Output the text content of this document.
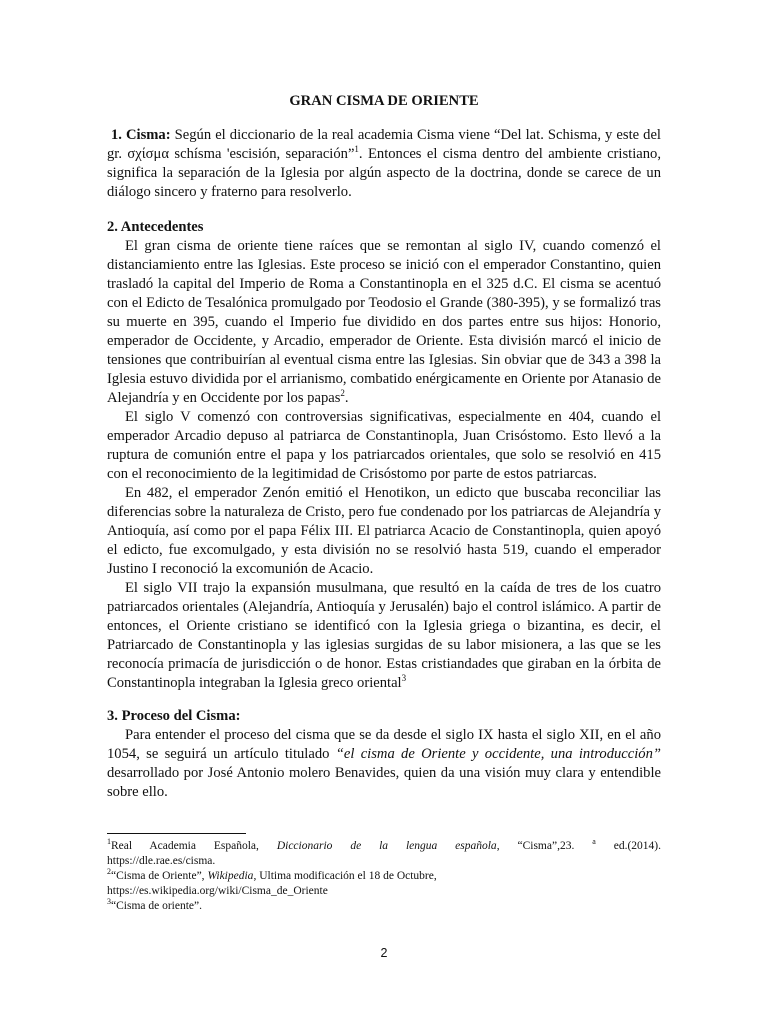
GRAN CISMA DE ORIENTE

1. Cisma: Según el diccionario de la real academia Cisma viene “Del lat. Schisma, y este del gr. σχίσμα schísma 'escisión, separación”$^1$. Entonces el cisma dentro del ambiente cristiano, significa la separación de la Iglesia por algún aspecto de la doctrina, donde se carece de un diálogo sincero y fraterno para resolverlo.

2. Antecedentes

El gran cisma de oriente tiene raíces que se remontan al siglo IV, cuando comenzó el distanciamiento entre las Iglesias. Este proceso se inició con el emperador Constantino, quien trasladó la capital del Imperio de Roma a Constantinopla en el 325 d.C. El cisma se acentuó con el Edicto de Tesalónica promulgado por Teodosio el Grande (380-395), y se formalizó tras su muerte en 395, cuando el Imperio fue dividido en dos partes entre sus hijos: Honorio, emperador de Occidente, y Arcadio, emperador de Oriente. Esta división marcó el inicio de tensiones que contribuirían al eventual cisma entre las Iglesias. Sin obviar que de 343 a 398 la Iglesia estuvo dividida por el arrianismo, combatido enérgicamente en Oriente por Atanasio de Alejandría y en Occidente por los papas$^2$.

El siglo V comenzó con controversias significativas, especialmente en 404, cuando el emperador Arcadio depuso al patriarca de Constantinopla, Juan Crisóstomo. Esto llevó a la ruptura de comunión entre el papa y los patriarcados orientales, que solo se resolvió en 415 con el reconocimiento de la legitimidad de Crisóstomo por parte de estos patriarcas.

En 482, el emperador Zenón emitió el Henotikon, un edicto que buscaba reconciliar las diferencias sobre la naturaleza de Cristo, pero fue condenado por los patriarcas de Alejandría y Antioquía, así como por el papa Félix III. El patriarca Acacio de Constantinopla, quien apoyó el edicto, fue excomulgado, y esta división no se resolvió hasta 519, cuando el emperador Justino I reconoció la excomunión de Acacio.

El siglo VII trajo la expansión musulmana, que resultó en la caída de tres de los cuatro patriarcados orientales (Alejandría, Antioquía y Jerusalén) bajo el control islámico. A partir de entonces, el Oriente cristiano se identificó con la Iglesia griega o bizantina, es decir, el Patriarcado de Constantinopla y las iglesias surgidas de su labor misionera, a las que se les reconocía primacía de jurisdicción o de honor. Estas cristiandades que giraban en la órbita de Constantinopla integraban la Iglesia greco oriental$^3$

3. Proceso del Cisma:

Para entender el proceso del cisma que se da desde el siglo IX hasta el siglo XII, en el año 1054, se seguirá un artículo titulado “el cisma de Oriente y occidente, una introducción” desarrollado por José Antonio molero Benavides, quien da una visión muy clara y entendible sobre ello.

$^1$Real Academia Española, Diccionario de la lengua española, “Cisma”,23. $^a$ ed.(2014).

https://dle.rae.es/cisma.

$^2$“Cisma de Oriente”, Wikipedia, Ultima modificación el 18 de Octubre,

https://es.wikipedia.org/wiki/Cisma_de_Oriente

$^3$“Cisma de oriente”.

2
